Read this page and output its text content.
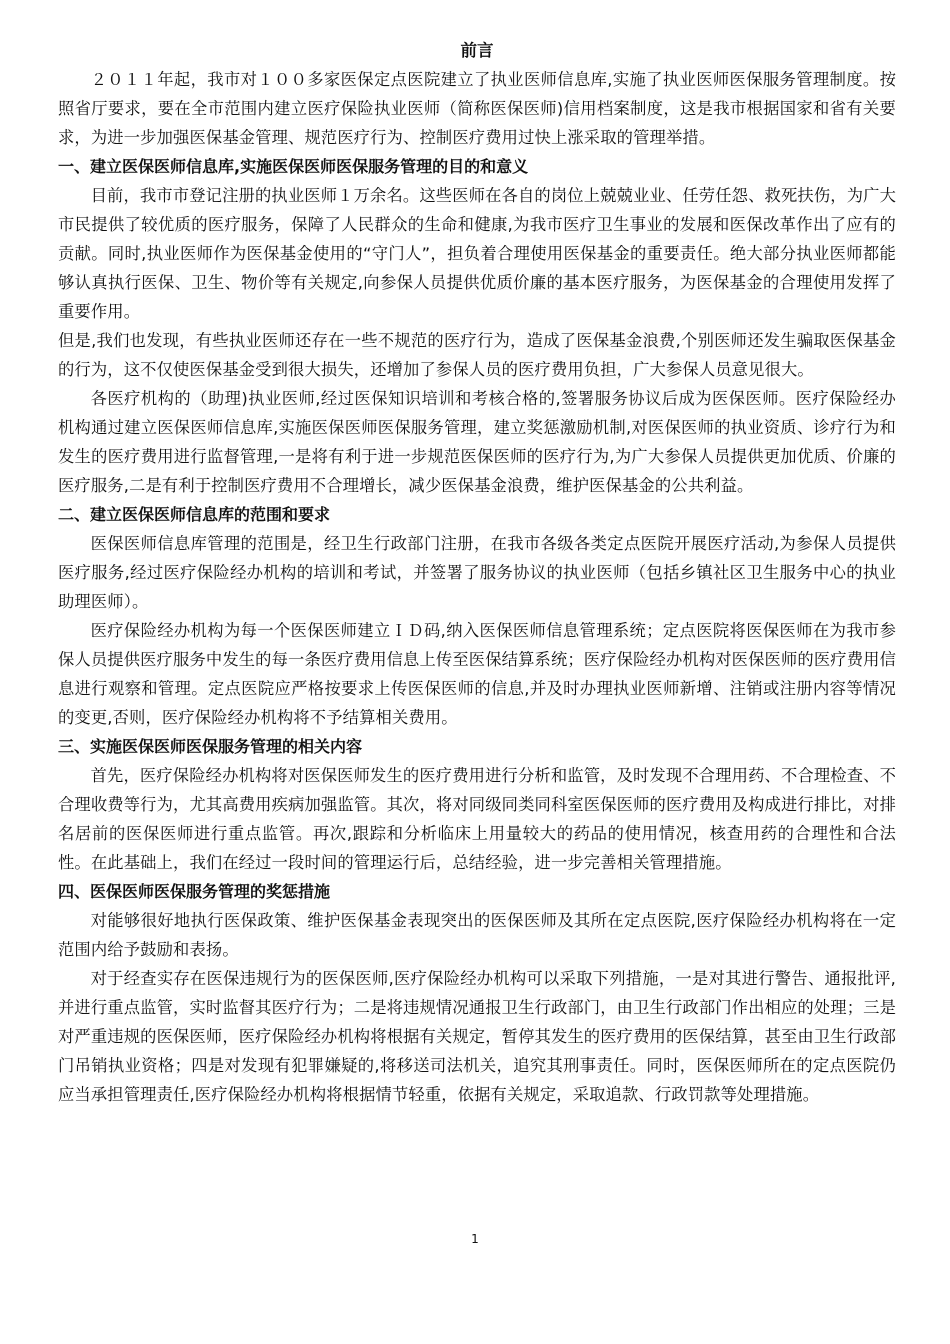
前言

２０１１年起，我市对１００多家医保定点医院建立了执业医师信息库,实施了执业医师医保服务管理制度。按照省厅要求，要在全市范围内建立医疗保险执业医师（简称医保医师)信用档案制度，这是我市根据国家和省有关要求，为进一步加强医保基金管理、规范医疗行为、控制医疗费用过快上涨采取的管理举措。

一、建立医保医师信息库,实施医保医师医保服务管理的目的和意义

目前，我市市登记注册的执业医师１万余名。这些医师在各自的岗位上兢兢业业、任劳任怨、救死扶伤，为广大市民提供了较优质的医疗服务，保障了人民群众的生命和健康,为我市医疗卫生事业的发展和医保改革作出了应有的贡献。同时,执业医师作为医保基金使用的“守门人”，担负着合理使用医保基金的重要责任。绝大部分执业医师都能够认真执行医保、卫生、物价等有关规定,向参保人员提供优质价廉的基本医疗服务，为医保基金的合理使用发挥了重要作用。

但是,我们也发现，有些执业医师还存在一些不规范的医疗行为，造成了医保基金浪费,个别医师还发生骗取医保基金的行为，这不仅使医保基金受到很大损失，还增加了参保人员的医疗费用负担，广大参保人员意见很大。

各医疗机构的（助理)执业医师,经过医保知识培训和考核合格的,签署服务协议后成为医保医师。医疗保险经办机构通过建立医保医师信息库,实施医保医师医保服务管理，建立奖惩激励机制,对医保医师的执业资质、诊疗行为和发生的医疗费用进行监督管理,一是将有利于进一步规范医保医师的医疗行为,为广大参保人员提供更加优质、价廉的医疗服务,二是有利于控制医疗费用不合理增长，减少医保基金浪费，维护医保基金的公共利益。

二、建立医保医师信息库的范围和要求

医保医师信息库管理的范围是，经卫生行政部门注册，在我市各级各类定点医院开展医疗活动,为参保人员提供医疗服务,经过医疗保险经办机构的培训和考试，并签署了服务协议的执业医师（包括乡镇社区卫生服务中心的执业助理医师）。

医疗保险经办机构为每一个医保医师建立ＩＤ码,纳入医保医师信息管理系统；定点医院将医保医师在为我市参保人员提供医疗服务中发生的每一条医疗费用信息上传至医保结算系统；医疗保险经办机构对医保医师的医疗费用信息进行观察和管理。定点医院应严格按要求上传医保医师的信息,并及时办理执业医师新增、注销或注册内容等情况的变更,否则，医疗保险经办机构将不予结算相关费用。

三、实施医保医师医保服务管理的相关内容

首先，医疗保险经办机构将对医保医师发生的医疗费用进行分析和监管，及时发现不合理用药、不合理检查、不合理收费等行为，尤其高费用疾病加强监管。其次，将对同级同类同科室医保医师的医疗费用及构成进行排比，对排名居前的医保医师进行重点监管。再次,跟踪和分析临床上用量较大的药品的使用情况，核查用药的合理性和合法性。在此基础上，我们在经过一段时间的管理运行后，总结经验，进一步完善相关管理措施。

四、医保医师医保服务管理的奖惩措施

对能够很好地执行医保政策、维护医保基金表现突出的医保医师及其所在定点医院,医疗保险经办机构将在一定范围内给予鼓励和表扬。

对于经查实存在医保违规行为的医保医师,医疗保险经办机构可以采取下列措施，一是对其进行警告、通报批评,并进行重点监管，实时监督其医疗行为；二是将违规情况通报卫生行政部门，由卫生行政部门作出相应的处理；三是对严重违规的医保医师，医疗保险经办机构将根据有关规定，暂停其发生的医疗费用的医保结算，甚至由卫生行政部门吊销执业资格；四是对发现有犯罪嫌疑的,将移送司法机关，追究其刑事责任。同时，医保医师所在的定点医院仍应当承担管理责任,医疗保险经办机构将根据情节轻重，依据有关规定，采取追款、行政罚款等处理措施。

1
